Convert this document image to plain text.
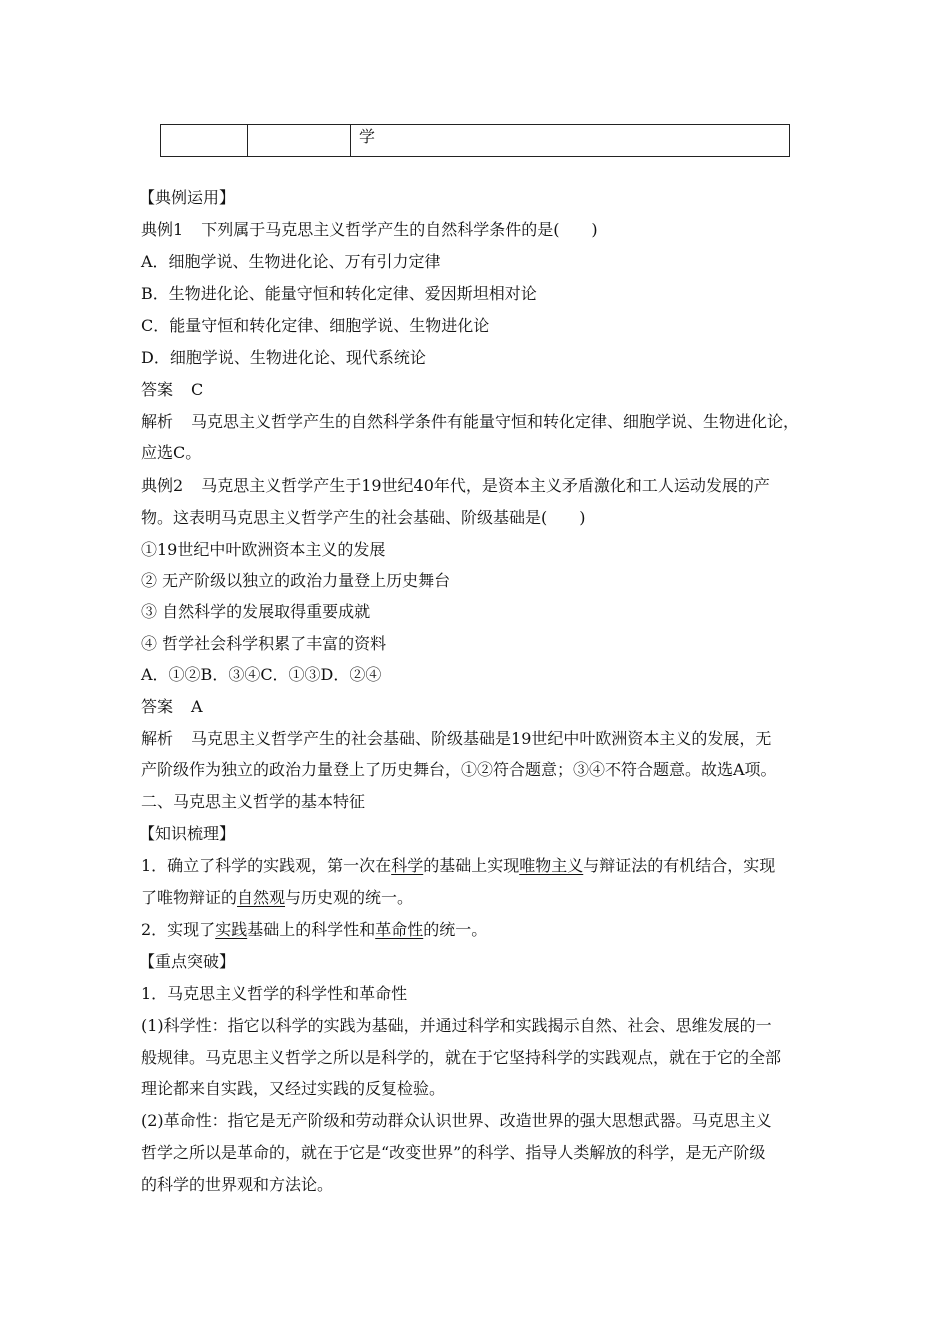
		学
【典例运用】
典例1 下列属于马克思主义哲学产生的自然科学条件的是(　　)
A．细胞学说、生物进化论、万有引力定律
B．生物进化论、能量守恒和转化定律、爱因斯坦相对论
C．能量守恒和转化定律、细胞学说、生物进化论
D．细胞学说、生物进化论、现代系统论
答案 C
解析 马克思主义哲学产生的自然科学条件有能量守恒和转化定律、细胞学说、生物进化论，
应选C。
典例2 马克思主义哲学产生于19世纪40年代，是资本主义矛盾激化和工人运动发展的产
物。这表明马克思主义哲学产生的社会基础、阶级基础是(　　)
①19世纪中叶欧洲资本主义的发展
② 无产阶级以独立的政治力量登上历史舞台
③ 自然科学的发展取得重要成就
④ 哲学社会科学积累了丰富的资料
A．①②B．③④C．①③D．②④
答案 A
解析 马克思主义哲学产生的社会基础、阶级基础是19世纪中叶欧洲资本主义的发展，无
产阶级作为独立的政治力量登上了历史舞台，①②符合题意；③④不符合题意。故选A项。
二、马克思主义哲学的基本特征
【知识梳理】
1．确立了科学的实践观，第一次在科学的基础上实现唯物主义与辩证法的有机结合，实现
了唯物辩证的自然观与历史观的统一。
2．实现了实践基础上的科学性和革命性的统一。
【重点突破】
1．马克思主义哲学的科学性和革命性
(1)科学性：指它以科学的实践为基础，并通过科学和实践揭示自然、社会、思维发展的一
般规律。马克思主义哲学之所以是科学的，就在于它坚持科学的实践观点，就在于它的全部
理论都来自实践，又经过实践的反复检验。
(2)革命性：指它是无产阶级和劳动群众认识世界、改造世界的强大思想武器。马克思主义
哲学之所以是革命的，就在于它是“改变世界”的科学、指导人类解放的科学，是无产阶级
的科学的世界观和方法论。
